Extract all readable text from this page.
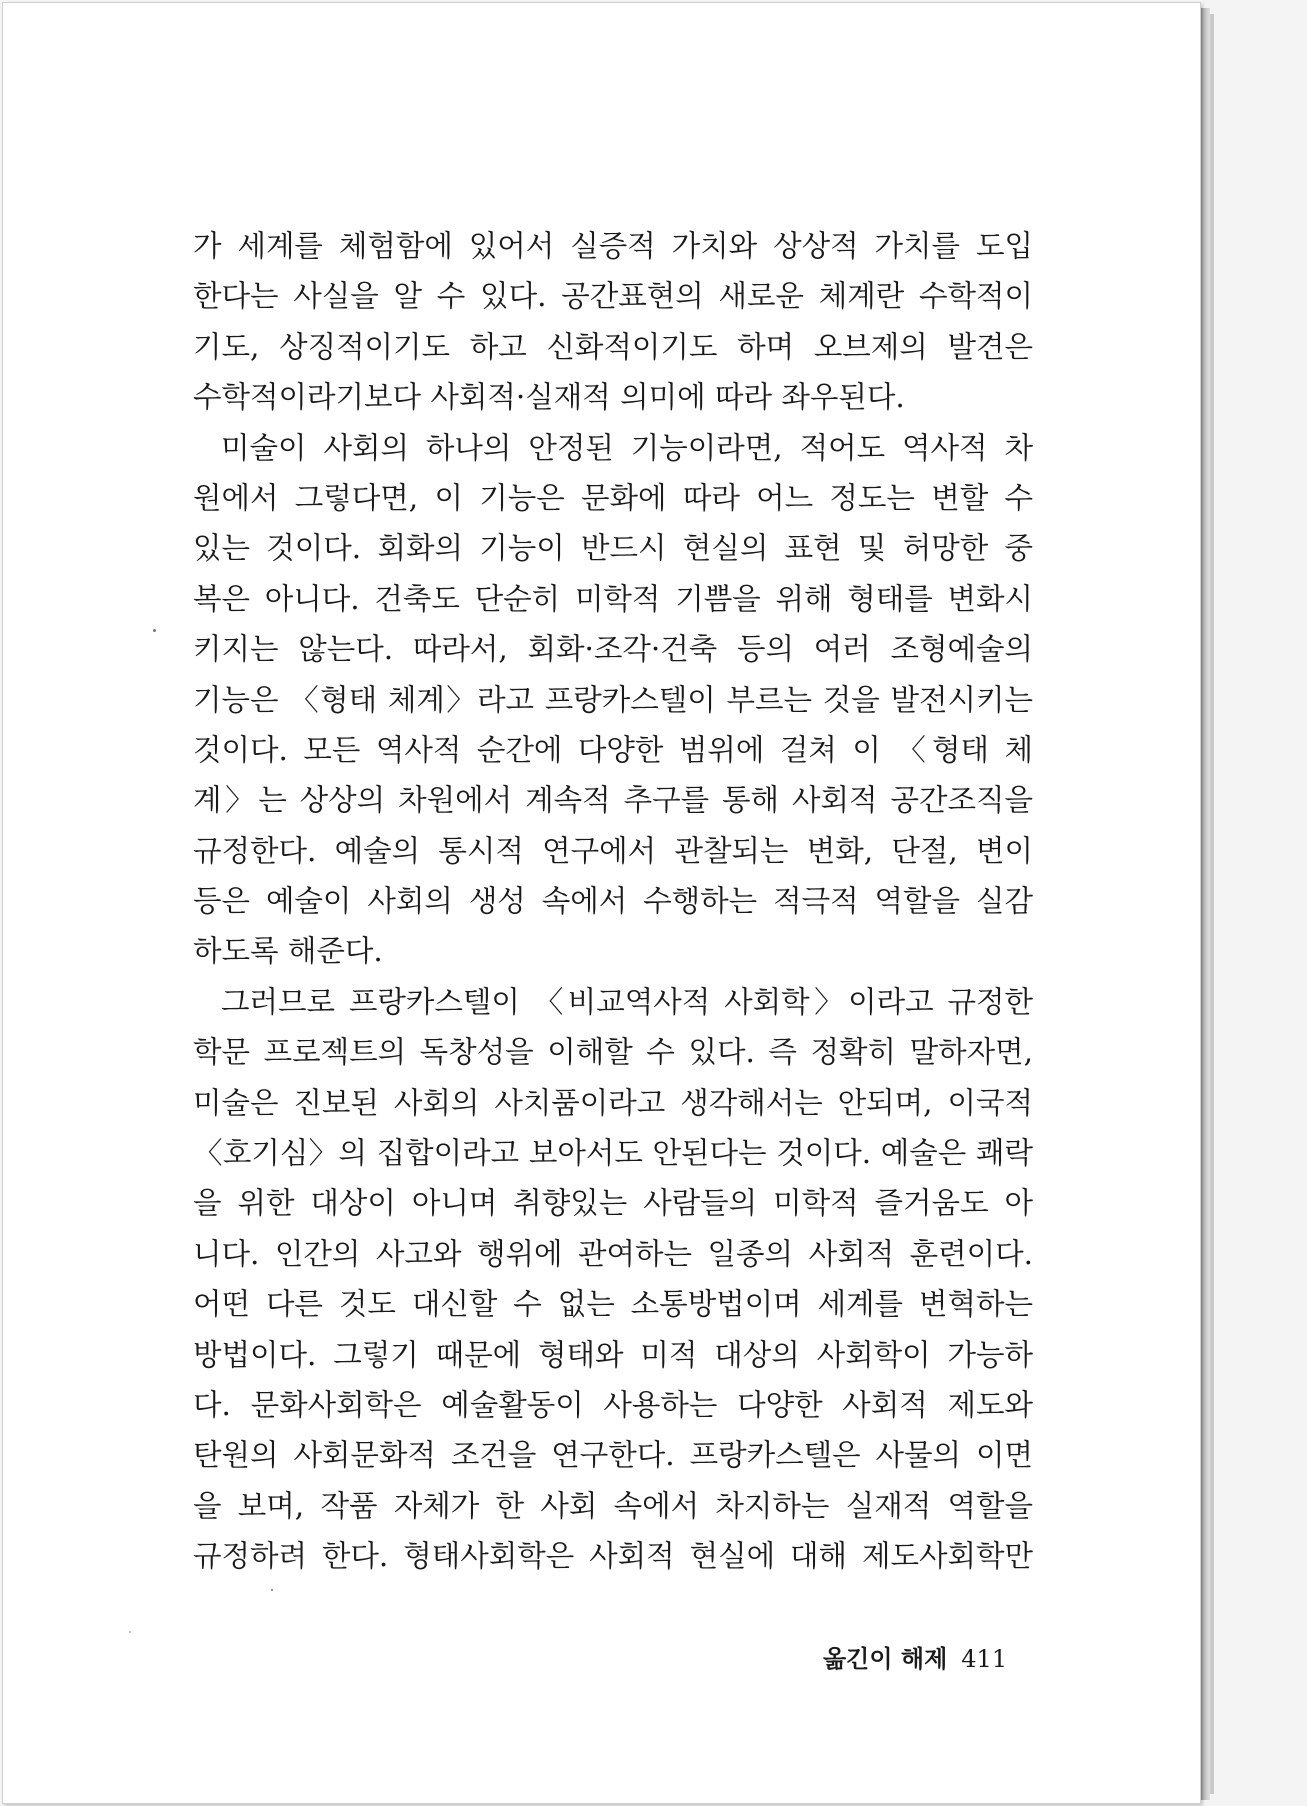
가 세계를 체험함에 있어서 실증적 가치와 상상적 가치를 도입
한다는 사실을 알 수 있다. 공간표현의 새로운 체계란 수학적이
기도, 상징적이기도 하고 신화적이기도 하며 오브제의 발견은
수학적이라기보다 사회적·실재적 의미에 따라 좌우된다.
미술이 사회의 하나의 안정된 기능이라면, 적어도 역사적 차
원에서 그렇다면, 이 기능은 문화에 따라 어느 정도는 변할 수
있는 것이다. 회화의 기능이 반드시 현실의 표현 및 허망한 중
복은 아니다. 건축도 단순히 미학적 기쁨을 위해 형태를 변화시
키지는 않는다. 따라서, 회화·조각·건축 등의 여러 조형예술의
기능은 〈형태 체계〉라고 프랑카스텔이 부르는 것을 발전시키는
것이다. 모든 역사적 순간에 다양한 범위에 걸쳐 이 〈형태 체
계〉는 상상의 차원에서 계속적 추구를 통해 사회적 공간조직을
규정한다. 예술의 통시적 연구에서 관찰되는 변화, 단절, 변이
등은 예술이 사회의 생성 속에서 수행하는 적극적 역할을 실감
하도록 해준다.
그러므로 프랑카스텔이 〈비교역사적 사회학〉이라고 규정한
학문 프로젝트의 독창성을 이해할 수 있다. 즉 정확히 말하자면,
미술은 진보된 사회의 사치품이라고 생각해서는 안되며, 이국적
〈호기심〉의 집합이라고 보아서도 안된다는 것이다. 예술은 쾌락
을 위한 대상이 아니며 취향있는 사람들의 미학적 즐거움도 아
니다. 인간의 사고와 행위에 관여하는 일종의 사회적 훈련이다.
어떤 다른 것도 대신할 수 없는 소통방법이며 세계를 변혁하는
방법이다. 그렇기 때문에 형태와 미적 대상의 사회학이 가능하
다. 문화사회학은 예술활동이 사용하는 다양한 사회적 제도와
탄원의 사회문화적 조건을 연구한다. 프랑카스텔은 사물의 이면
을 보며, 작품 자체가 한 사회 속에서 차지하는 실재적 역할을
규정하려 한다. 형태사회학은 사회적 현실에 대해 제도사회학만
옮긴이 해제 411
